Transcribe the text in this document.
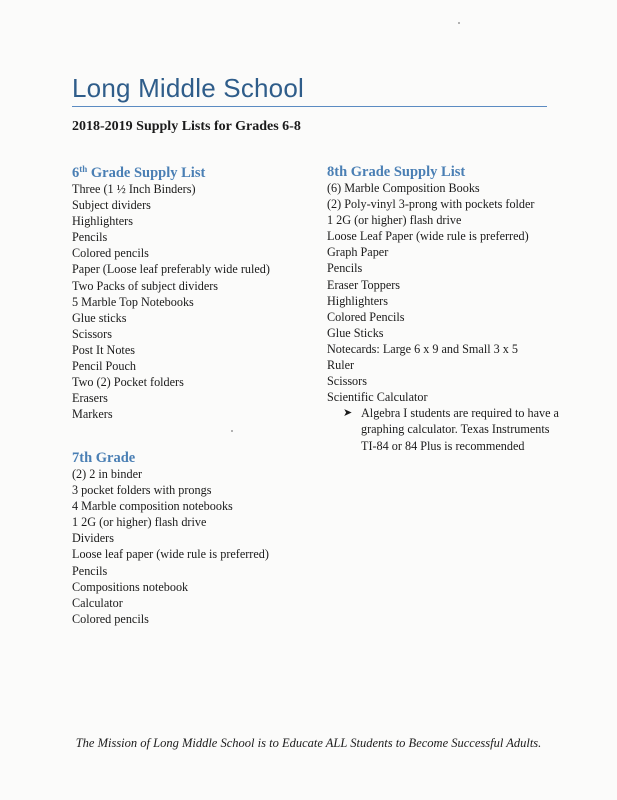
Long Middle School
2018-2019 Supply Lists for Grades 6-8
6th Grade Supply List
Three (1 ½ Inch Binders)
Subject dividers
Highlighters
Pencils
Colored pencils
Paper (Loose leaf preferably wide ruled)
Two Packs of subject dividers
5 Marble Top Notebooks
Glue sticks
Scissors
Post It Notes
Pencil Pouch
Two (2) Pocket folders
Erasers
Markers
7th Grade
(2) 2 in binder
3 pocket folders with prongs
4 Marble composition notebooks
1 2G (or higher) flash drive
Dividers
Loose leaf paper (wide rule is preferred)
Pencils
Compositions notebook
Calculator
Colored pencils
8th Grade Supply List
(6) Marble Composition Books
(2) Poly-vinyl 3-prong with pockets folder
1 2G (or higher) flash drive
Loose Leaf Paper (wide rule is preferred)
Graph Paper
Pencils
Eraser Toppers
Highlighters
Colored Pencils
Glue Sticks
Notecards: Large 6 x 9 and Small 3 x 5
Ruler
Scissors
Scientific Calculator
➤ Algebra I students are required to have a graphing calculator. Texas Instruments TI-84 or 84 Plus is recommended
The Mission of Long Middle School is to Educate ALL Students to Become Successful Adults.
